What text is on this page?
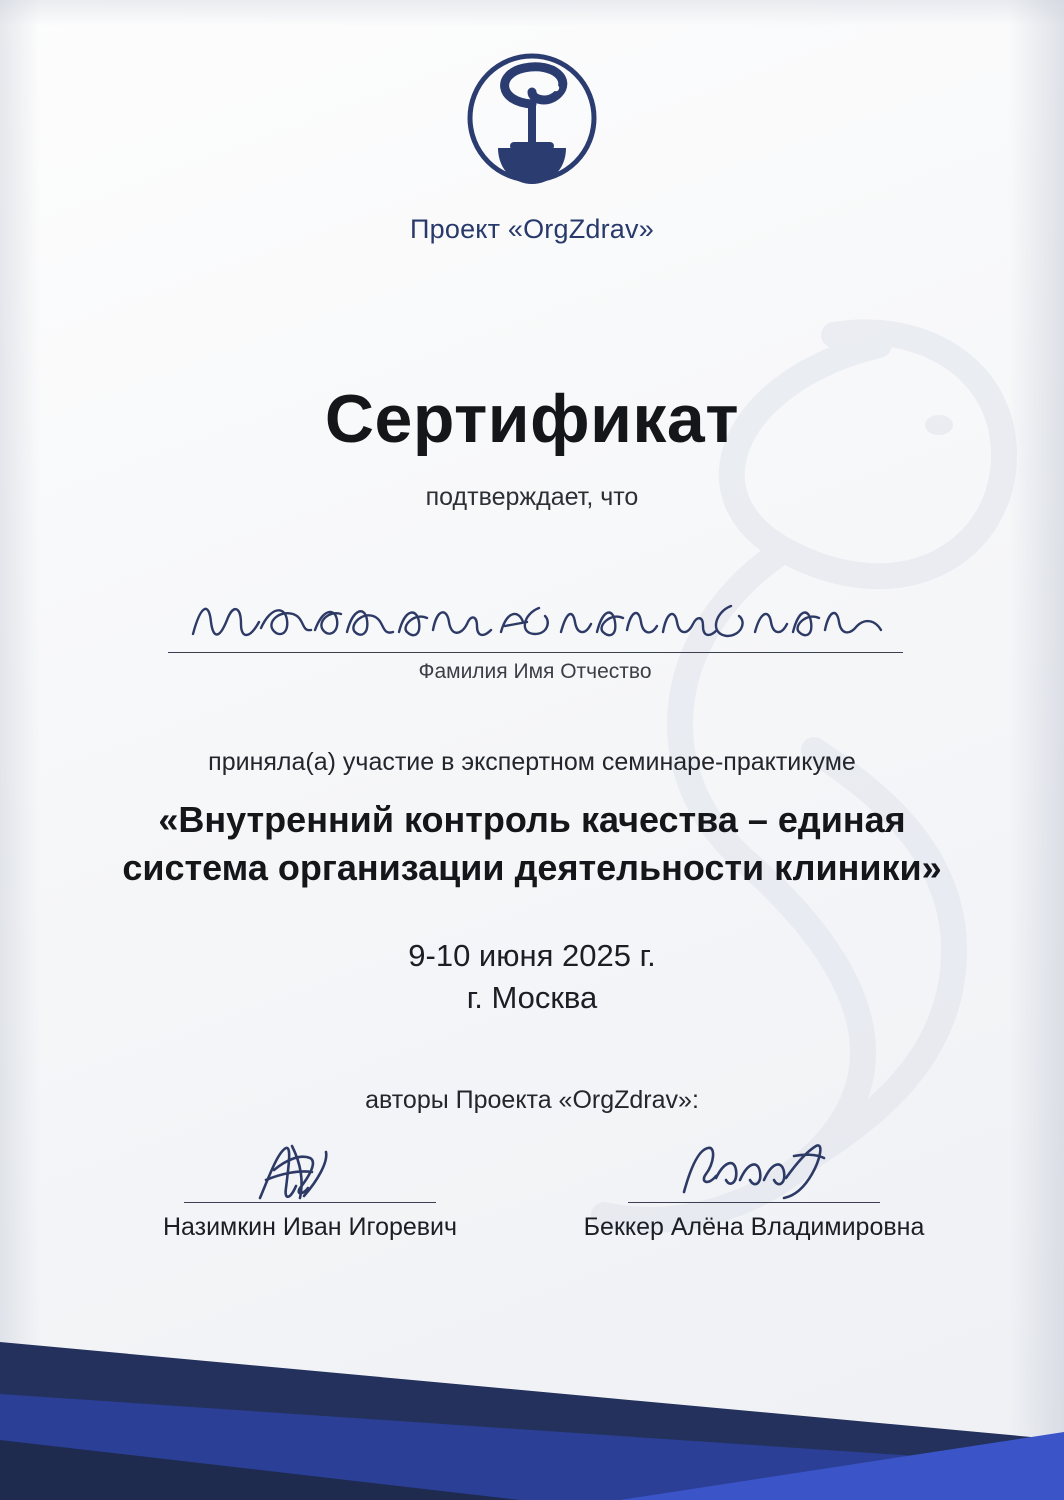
Проект «OrgZdrav»
Сертификат
подтверждает, что
Фамилия Имя Отчество
приняла(а) участие в экспертном семинаре-практикуме
«Внутренний контроль качества – единая
система организации деятельности клиники»
9-10 июня 2025 г.
г. Москва
авторы Проекта «OrgZdrav»:
Назимкин Иван Игоревич	Беккер Алёна Владимировна
